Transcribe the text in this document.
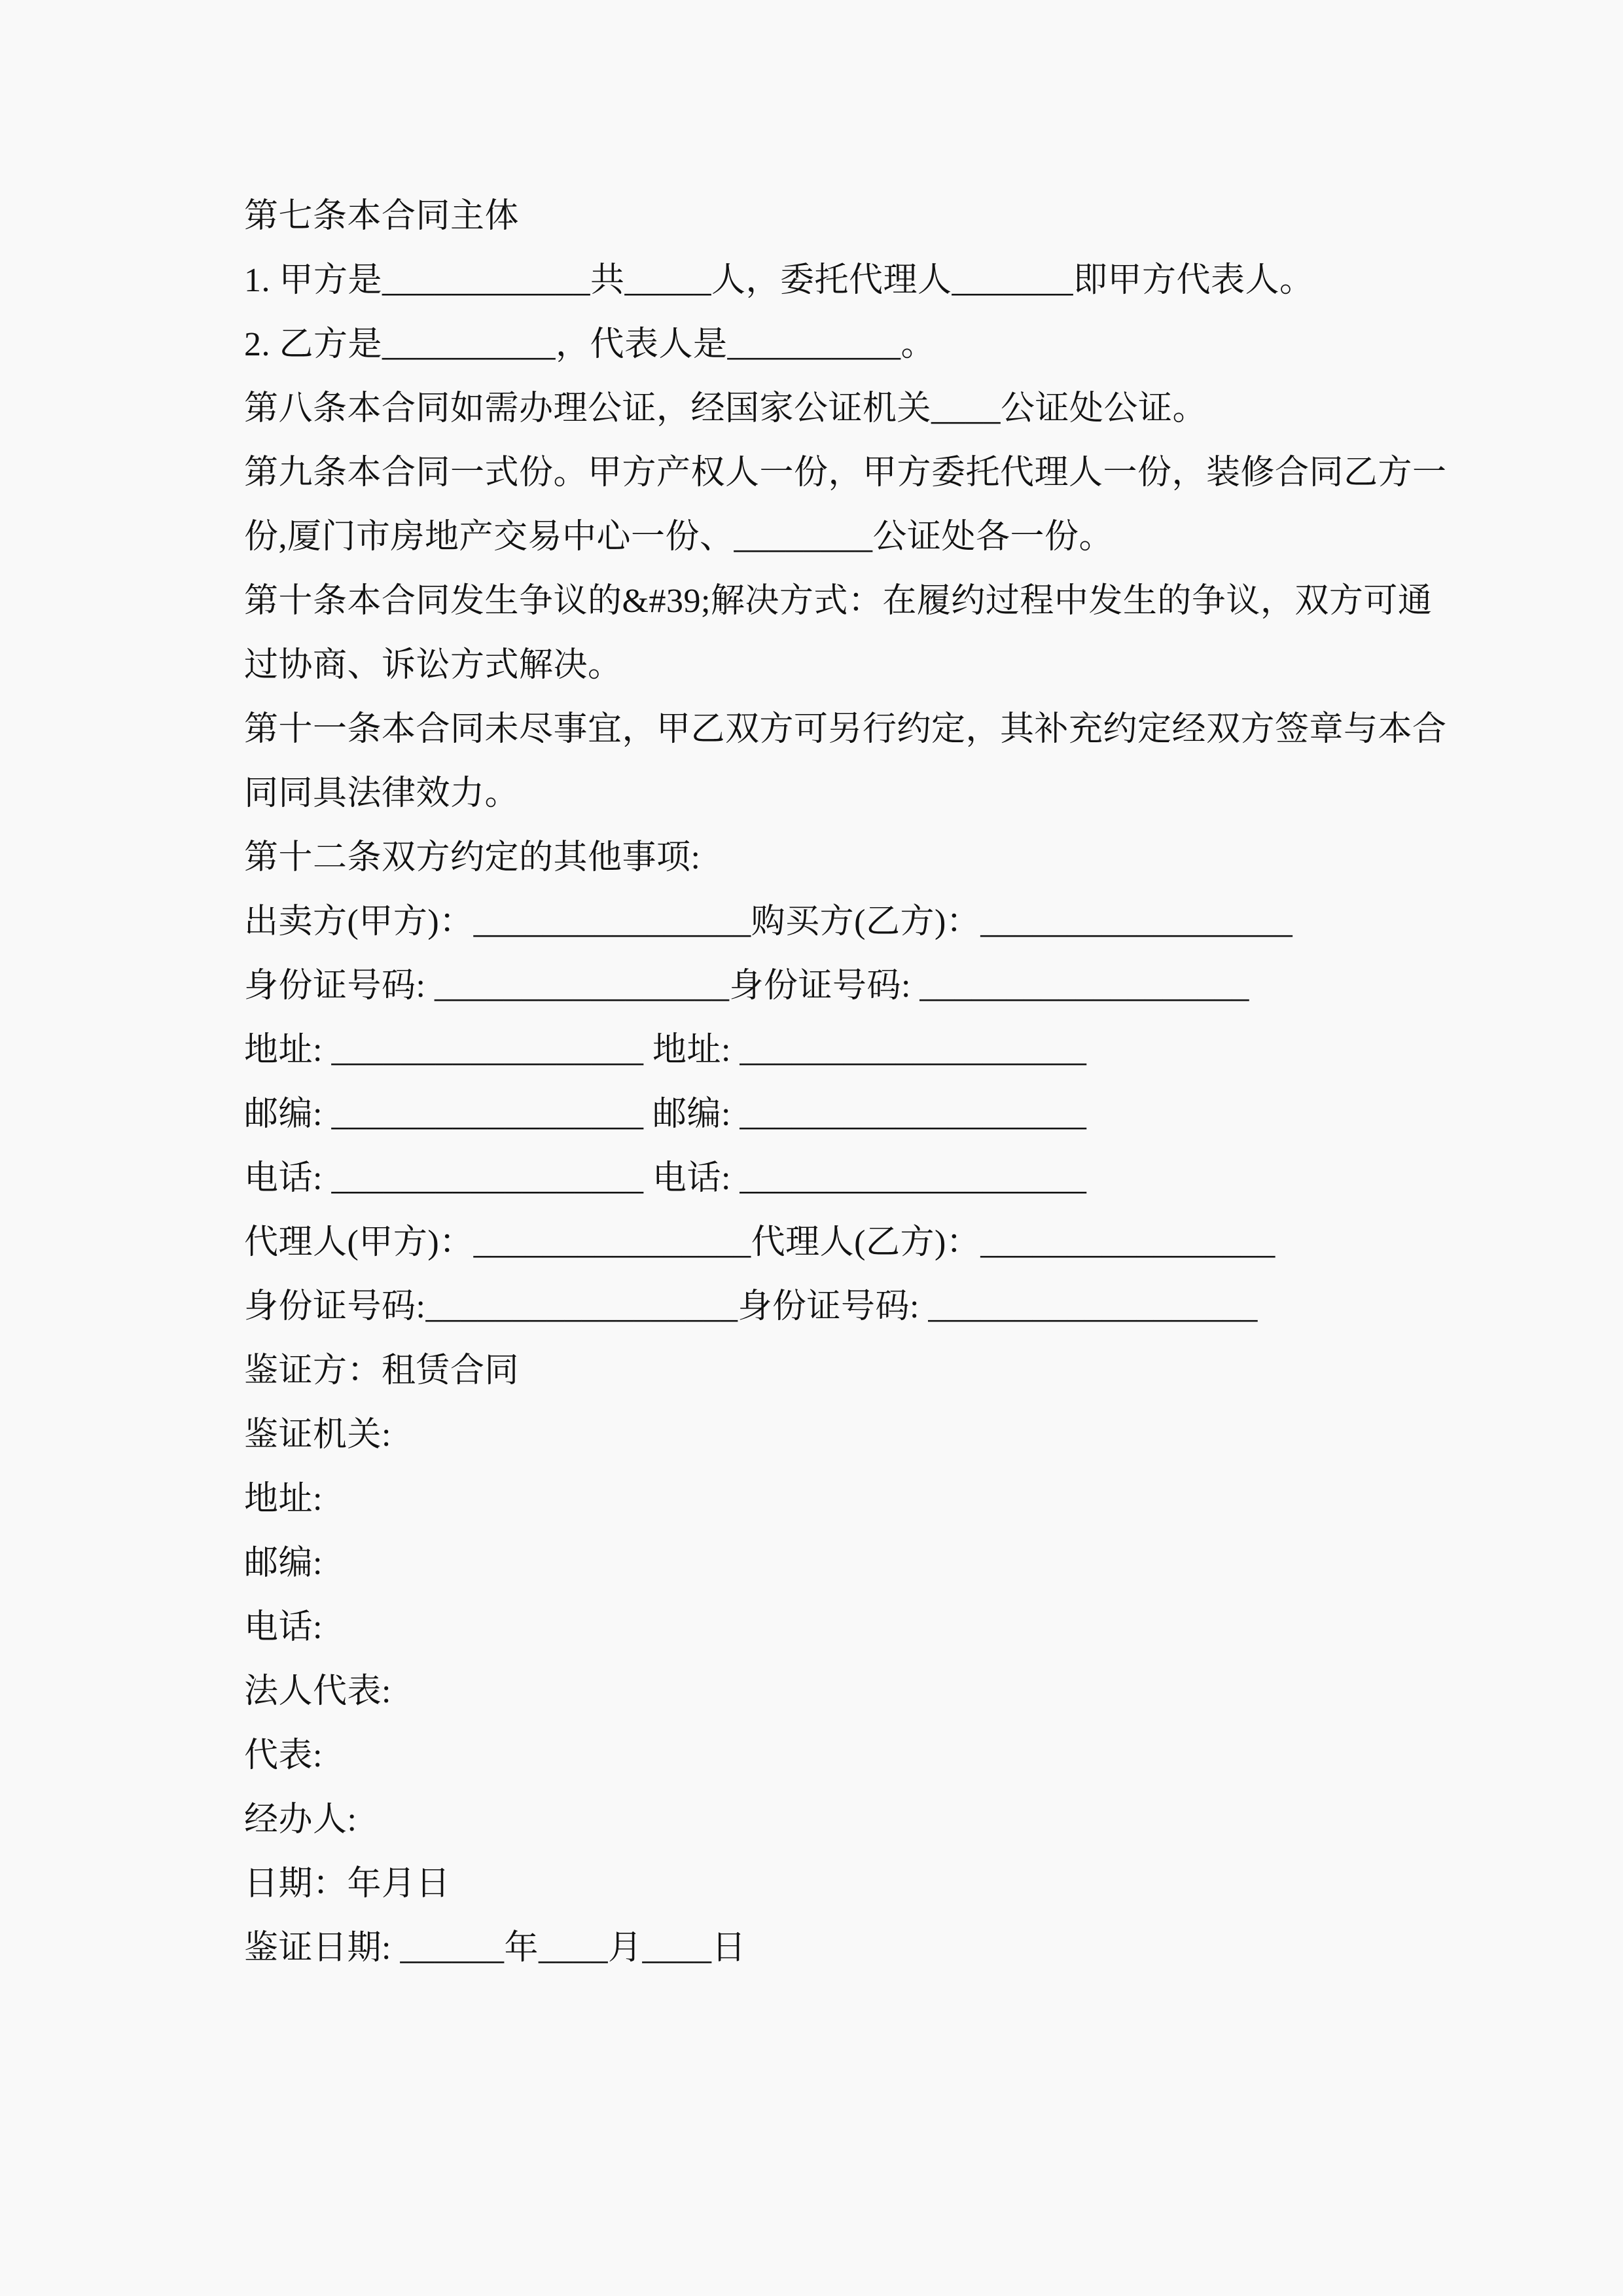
第七条本合同主体
1. 甲方是____________共_____人，委托代理人_______即甲方代表人。
2. 乙方是__________，代表人是__________。
第八条本合同如需办理公证，经国家公证机关____公证处公证。
第九条本合同一式份。甲方产权人一份，甲方委托代理人一份，装修合同乙方一
份,厦门市房地产交易中心一份、________公证处各一份。
第十条本合同发生争议的&#39;解决方式：在履约过程中发生的争议，双方可通
过协商、诉讼方式解决。
第十一条本合同未尽事宜，甲乙双方可另行约定，其补充约定经双方签章与本合
同同具法律效力。
第十二条双方约定的其他事项:
出卖方(甲方)：________________购买方(乙方)：__________________
身份证号码: _________________身份证号码: ___________________
地址: __________________ 地址: ____________________
邮编: __________________ 邮编: ____________________
电话: __________________ 电话: ____________________
代理人(甲方)：________________代理人(乙方)：_________________
身份证号码:__________________身份证号码: ___________________
鉴证方：租赁合同
鉴证机关:
地址:
邮编:
电话:
法人代表:
代表:
经办人:
日期：年月日
鉴证日期: ______年____月____日
